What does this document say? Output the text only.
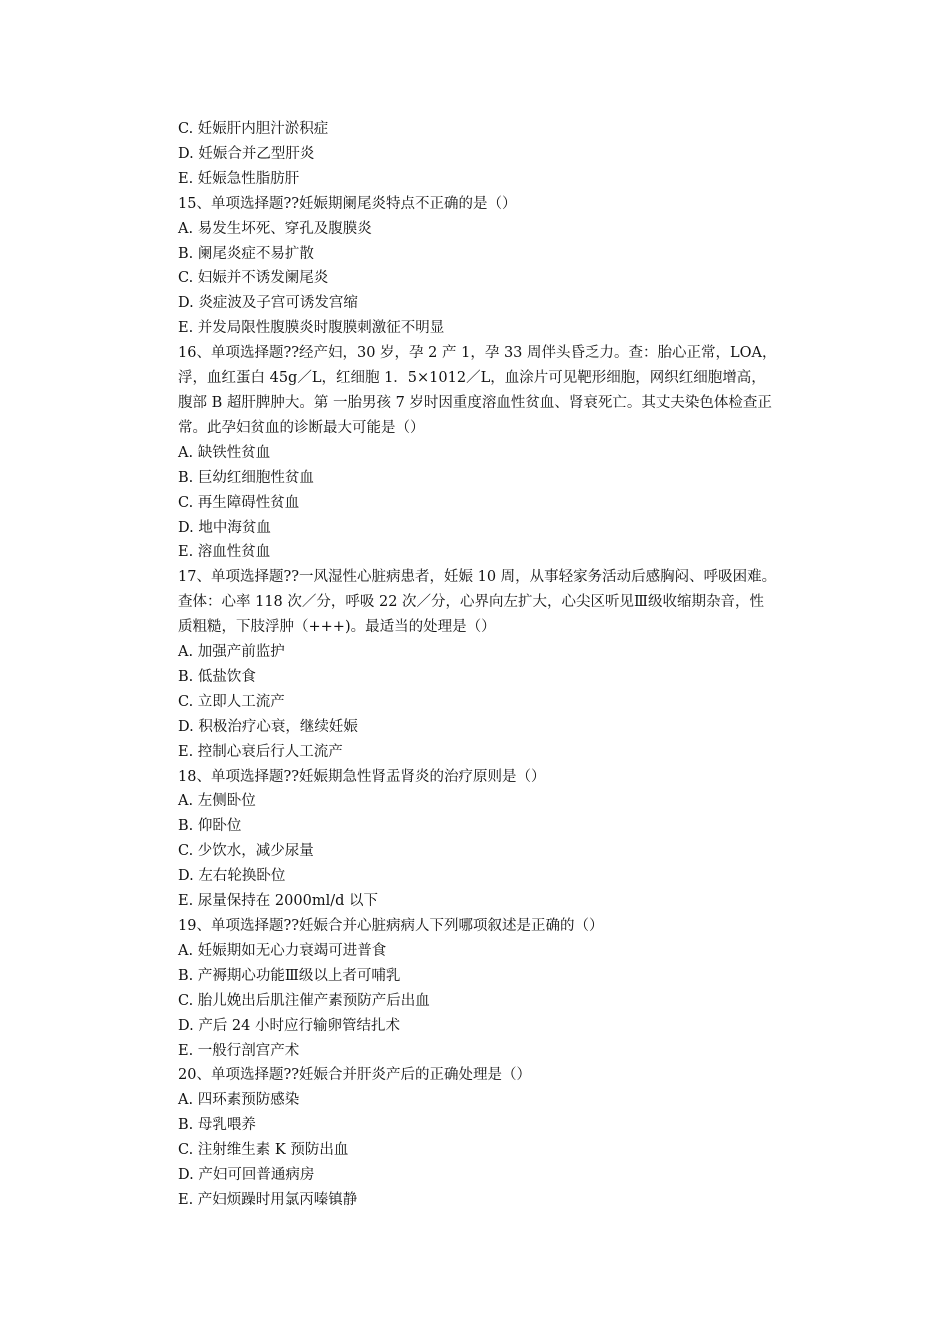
C. 妊娠肝内胆汁淤积症
D. 妊娠合并乙型肝炎
E. 妊娠急性脂肪肝
15、单项选择题??妊娠期阑尾炎特点不正确的是（）
A. 易发生坏死、穿孔及腹膜炎
B. 阑尾炎症不易扩散
C. 妇娠并不诱发阑尾炎
D. 炎症波及子宫可诱发宫缩
E. 并发局限性腹膜炎时腹膜刺激征不明显
16、单项选择题??经产妇，30 岁，孕 2 产 1，孕 33 周伴头昏乏力。查：胎心正常，LOA，浮，血红蛋白 45g／L，红细胞 1．5×1012／L，血涂片可见靶形细胞，网织红细胞增高，腹部 B 超肝脾肿大。第 一胎男孩 7 岁时因重度溶血性贫血、肾衰死亡。其丈夫染色体检查正常。此孕妇贫血的诊断最大可能是（）
A. 缺铁性贫血
B. 巨幼红细胞性贫血
C. 再生障碍性贫血
D. 地中海贫血
E. 溶血性贫血
17、单项选择题??一风湿性心脏病患者，妊娠 10 周，从事轻家务活动后感胸闷、呼吸困难。查体：心率 118 次／分，呼吸 22 次／分，心界向左扩大，心尖区听见Ⅲ级收缩期杂音，性质粗糙，下肢浮肿（+++)。最适当的处理是（）
A. 加强产前监护
B. 低盐饮食
C. 立即人工流产
D. 积极治疗心衰，继续妊娠
E. 控制心衰后行人工流产
18、单项选择题??妊娠期急性肾盂肾炎的治疗原则是（）
A. 左侧卧位
B. 仰卧位
C. 少饮水，减少尿量
D. 左右轮换卧位
E. 尿量保持在 2000ml/d 以下
19、单项选择题??妊娠合并心脏病病人下列哪项叙述是正确的（）
A. 妊娠期如无心力衰竭可进普食
B. 产褥期心功能Ⅲ级以上者可哺乳
C. 胎儿娩出后肌注催产素预防产后出血
D. 产后 24 小时应行输卵管结扎术
E. 一般行剖宫产术
20、单项选择题??妊娠合并肝炎产后的正确处理是（）
A. 四环素预防感染
B. 母乳喂养
C. 注射维生素 K 预防出血
D. 产妇可回普通病房
E. 产妇烦躁时用氯丙嗪镇静
